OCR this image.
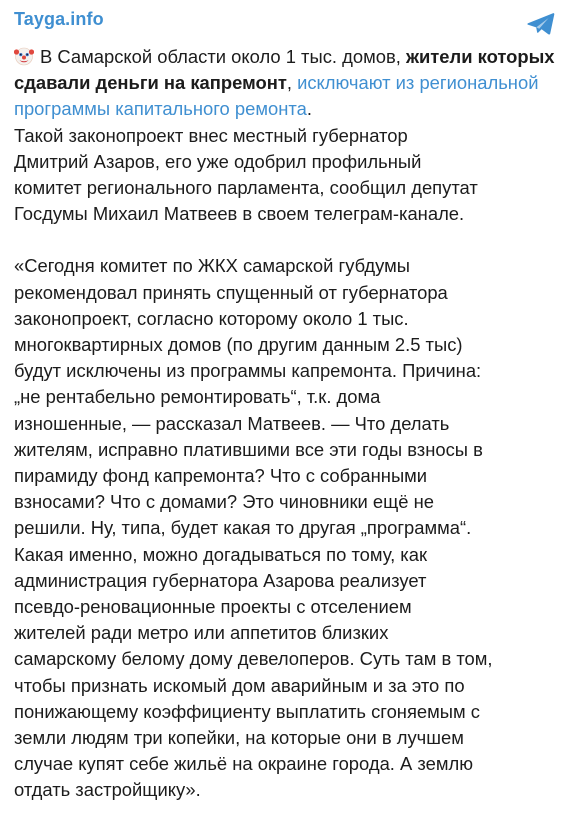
Tayga.info

В Самарской области около 1 тыс. домов, жители которых сдавали деньги на капремонт, исключают из региональной программы капитального ремонта.
Такой законопроект внес местный губернатор
Дмитрий Азаров, его уже одобрил профильный
комитет регионального парламента, сообщил депутат
Госдумы Михаил Матвеев в своем телеграм-канале.

«Сегодня комитет по ЖКХ самарской губдумы
рекомендовал принять спущенный от губернатора
законопроект, согласно которому около 1 тыс.
многоквартирных домов (по другим данным 2.5 тыс)
будут исключены из программы капремонта. Причина:
„не рентабельно ремонтировать“, т.к. дома
изношенные, — рассказал Матвеев. — Что делать
жителям, исправно платившими все эти годы взносы в
пирамиду фонд капремонта? Что с собранными
взносами? Что с домами? Это чиновники ещё не
решили. Ну, типа, будет какая то другая „программа“.
Какая именно, можно догадываться по тому, как
администрация губернатора Азарова реализует
псевдо-реновационные проекты с отселением
жителей ради метро или аппетитов близких
самарскому белому дому девелоперов. Суть там в том,
чтобы признать искомый дом аварийным и за это по
понижающему коэффициенту выплатить сгоняемым с
земли людям три копейки, на которые они в лучшем
случае купят себе жильё на окраине города. А землю
отдать застройщику».
